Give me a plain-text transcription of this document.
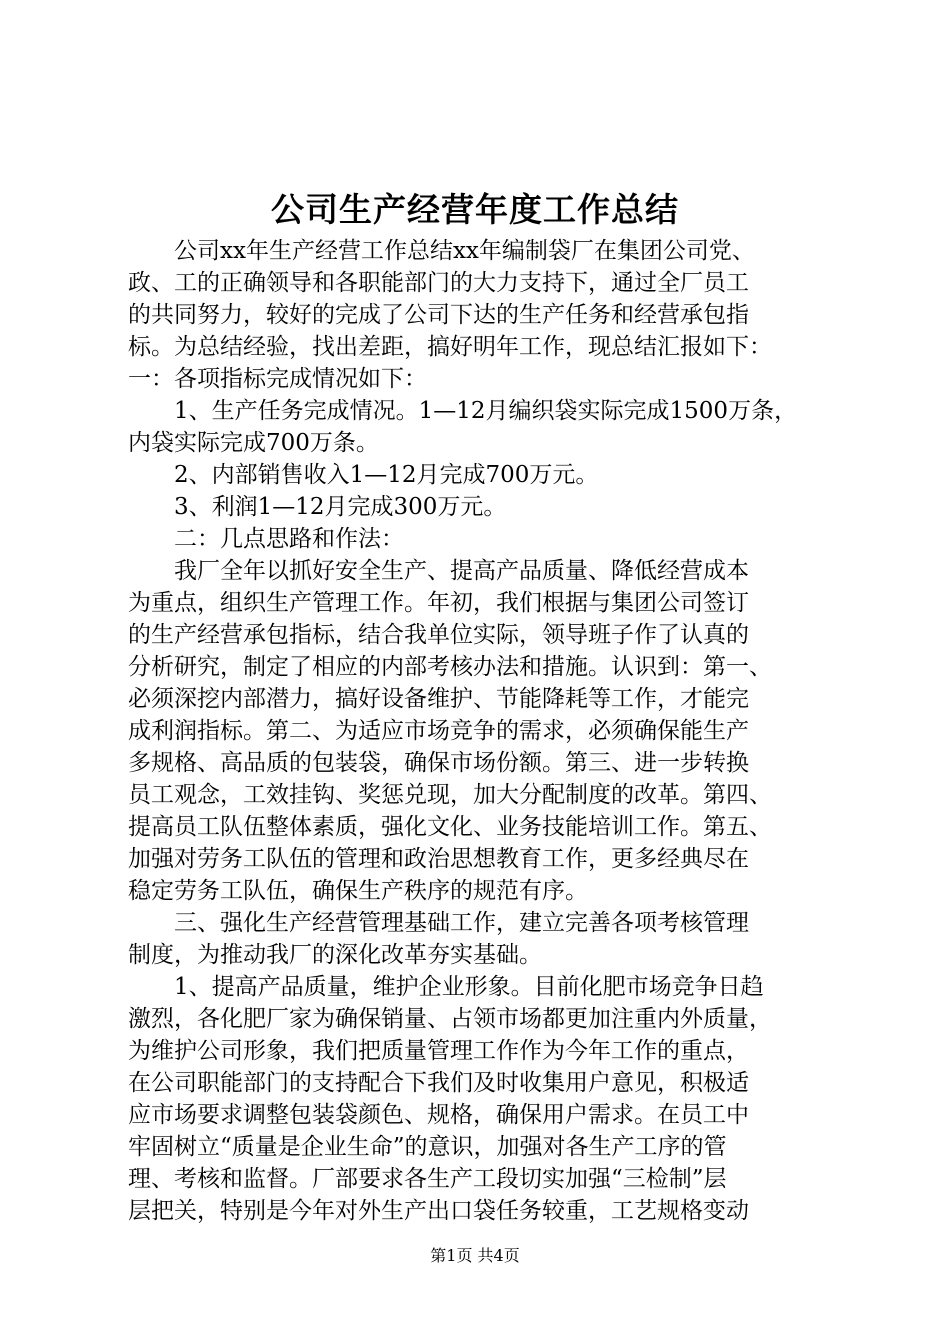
公司生产经营年度工作总结
　　公司xx年生产经营工作总结xx年编制袋厂在集团公司党、
政、工的正确领导和各职能部门的大力支持下，通过全厂员工
的共同努力，较好的完成了公司下达的生产任务和经营承包指
标。为总结经验，找出差距，搞好明年工作，现总结汇报如下：
一：各项指标完成情况如下：
　　1、生产任务完成情况。1—12月编织袋实际完成1500万条，
内袋实际完成700万条。
　　2、内部销售收入1—12月完成700万元。
　　3、利润1—12月完成300万元。
　　二：几点思路和作法：
　　我厂全年以抓好安全生产、提高产品质量、降低经营成本
为重点，组织生产管理工作。年初，我们根据与集团公司签订
的生产经营承包指标，结合我单位实际，领导班子作了认真的
分析研究，制定了相应的内部考核办法和措施。认识到：第一、
必须深挖内部潜力，搞好设备维护、节能降耗等工作，才能完
成利润指标。第二、为适应市场竞争的需求，必须确保能生产
多规格、高品质的包装袋，确保市场份额。第三、进一步转换
员工观念，工效挂钩、奖惩兑现，加大分配制度的改革。第四、
提高员工队伍整体素质，强化文化、业务技能培训工作。第五、
加强对劳务工队伍的管理和政治思想教育工作，更多经典尽在
稳定劳务工队伍，确保生产秩序的规范有序。
　　三、强化生产经营管理基础工作，建立完善各项考核管理
制度，为推动我厂的深化改革夯实基础。
　　1、提高产品质量，维护企业形象。目前化肥市场竞争日趋
激烈，各化肥厂家为确保销量、占领市场都更加注重内外质量，
为维护公司形象，我们把质量管理工作作为今年工作的重点，
在公司职能部门的支持配合下我们及时收集用户意见，积极适
应市场要求调整包装袋颜色、规格，确保用户需求。在员工中
牢固树立“质量是企业生命”的意识，加强对各生产工序的管
理、考核和监督。厂部要求各生产工段切实加强“三检制”层
层把关，特别是今年对外生产出口袋任务较重，工艺规格变动
第1页 共4页
